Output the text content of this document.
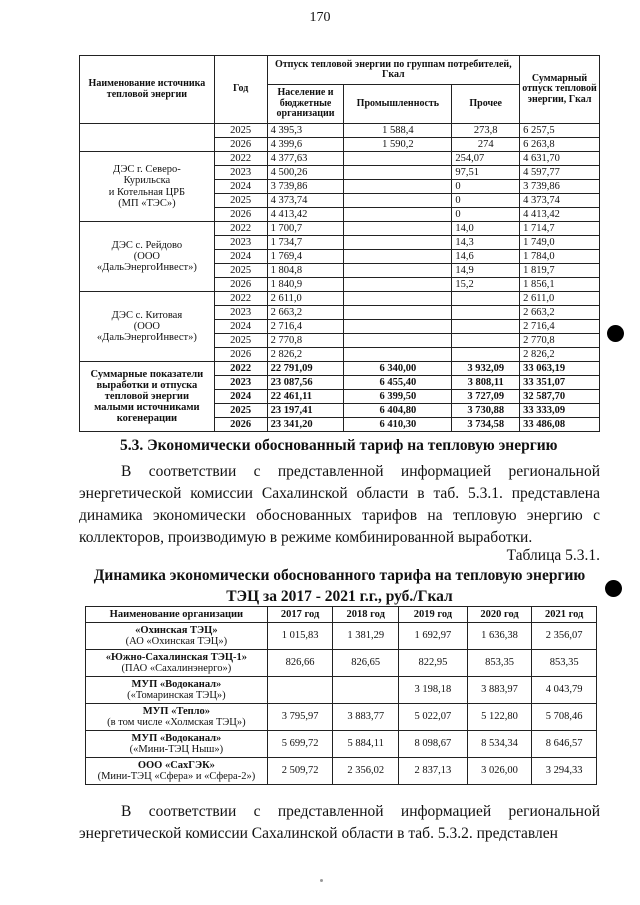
170
Наименование источника тепловой энергии	Год	Отпуск тепловой энергии по группам потребителей, Гкал			Суммарный отпуск тепловой энергии, Гкал
		Население и бюджетные организации	Промышленность	Прочее	
	2025	4 395,3	1 588,4	273,8	6 257,5
	2026	4 399,6	1 590,2	274	6 263,8

ДЭС г. Северо-
Курильска
и Котельная ЦРБ
(МП «ТЭС»)	2022	4 377,63		254,07	4 631,70
	2023	4 500,26		97,51	4 597,77
	2024	3 739,86		0	3 739,86
	2025	4 373,74		0	4 373,74
	2026	4 413,42		0	4 413,42

ДЭС с. Рейдово
(ООО
«ДальЭнергоИнвест»)	2022	1 700,7		14,0	1 714,7
	2023	1 734,7		14,3	1 749,0
	2024	1 769,4		14,6	1 784,0
	2025	1 804,8		14,9	1 819,7
	2026	1 840,9		15,2	1 856,1

ДЭС с. Китовая
(ООО
«ДальЭнергоИнвест»)	2022	2 611,0			2 611,0
	2023	2 663,2			2 663,2
	2024	2 716,4			2 716,4
	2025	2 770,8			2 770,8
	2026	2 826,2			2 826,2

Суммарные показатели
выработки и отпуска
тепловой энергии
малыми источниками
когенерации	2022	22 791,09	6 340,00	3 932,09	33 063,19
	2023	23 087,56	6 455,40	3 808,11	33 351,07
	2024	22 461,11	6 399,50	3 727,09	32 587,70
	2025	23 197,41	6 404,80	3 730,88	33 333,09
	2026	23 341,20	6 410,30	3 734,58	33 486,08
5.3. Экономически обоснованный тариф на тепловую энергию
В соответствии с представленной информацией региональной
энергетической комиссии Сахалинской области в таб. 5.3.1. представлена динамика экономически обоснованных тарифов на тепловую энергию с коллекторов, производимую в режиме комбинированной выработки.
Таблица 5.3.1.
Динамика экономически обоснованного тарифа на тепловую энергию
ТЭЦ за 2017 - 2021 г.г., руб./Гкал
Наименование организации	2017 год	2018 год	2019 год	2020 год	2021 год

«Охинская ТЭЦ»
(АО «Охинская ТЭЦ»)	1 015,83	1 381,29	1 692,97	1 636,38	2 356,07

«Южно-Сахалинская ТЭЦ-1»
(ПАО «Сахалинэнерго»)	826,66	826,65	822,95	853,35	853,35

МУП «Водоканал»
(«Томаринская ТЭЦ»)			3 198,18	3 883,97	4 043,79

МУП «Тепло»
(в том числе «Холмская ТЭЦ»)	3 795,97	3 883,77	5 022,07	5 122,80	5 708,46

МУП «Водоканал»
(«Мини-ТЭЦ Ныш»)	5 699,72	5 884,11	8 098,67	8 534,34	8 646,57

ООО «СахГЭК»
(Мини-ТЭЦ «Сфера» и «Сфера-2»)	2 509,72	2 356,02	2 837,13	3 026,00	3 294,33
В соответствии с представленной информацией региональной
энергетической комиссии Сахалинской области в таб. 5.3.2. представлен
